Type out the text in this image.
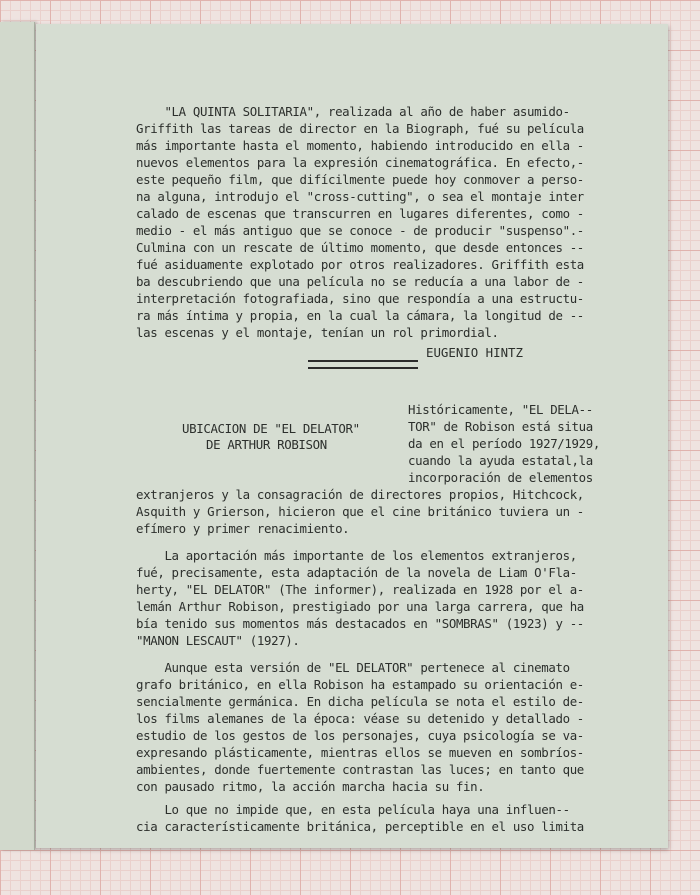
"LA QUINTA SOLITARIA", realizada al año de haber asumido-
Griffith las tareas de director en la Biograph, fué su película
más importante hasta el momento, habiendo introducido en ella -
nuevos elementos para la expresión cinematográfica. En efecto,-
este pequeño film, que difícilmente puede hoy conmover a perso-
na alguna, introdujo el "cross-cutting", o sea el montaje inter
calado de escenas que transcurren en lugares diferentes, como -
medio - el más antiguo que se conoce - de producir "suspenso".-
Culmina con un rescate de último momento, que desde entonces --
fué asiduamente explotado por otros realizadores. Griffith esta
ba descubriendo que una película no se reducía a una labor de -
interpretación fotografiada, sino que respondía a una estructu-
ra más íntima y propia, en la cual la cámara, la longitud de --
las escenas y el montaje, tenían un rol primordial.
EUGENIO HINTZ
UBICACION DE "EL DELATOR"
DE ARTHUR ROBISON
Históricamente, "EL DELA--
TOR" de Robison está situa
da en el período 1927/1929,
cuando la ayuda estatal,la
incorporación de elementos
extranjeros y la consagración de directores propios, Hitchcock,
Asquith y Grierson, hicieron que el cine británico tuviera un -
efímero y primer renacimiento.
La aportación más importante de los elementos extranjeros,
fué, precisamente, esta adaptación de la novela de Liam O'Fla-
herty, "EL DELATOR" (The informer), realizada en 1928 por el a-
lemán Arthur Robison, prestigiado por una larga carrera, que ha
bía tenido sus momentos más destacados en "SOMBRAS" (1923) y --
"MANON LESCAUT" (1927).
Aunque esta versión de "EL DELATOR" pertenece al cinemato
grafo británico, en ella Robison ha estampado su orientación e-
sencialmente germánica. En dicha película se nota el estilo de-
los films alemanes de la época: véase su detenido y detallado -
estudio de los gestos de los personajes, cuya psicología se va-
expresando plásticamente, mientras ellos se mueven en sombríos-
ambientes, donde fuertemente contrastan las luces; en tanto que
con pausado ritmo, la acción marcha hacia su fin.
Lo que no impide que, en esta película haya una influen--
cia característicamente británica, perceptible en el uso limita
